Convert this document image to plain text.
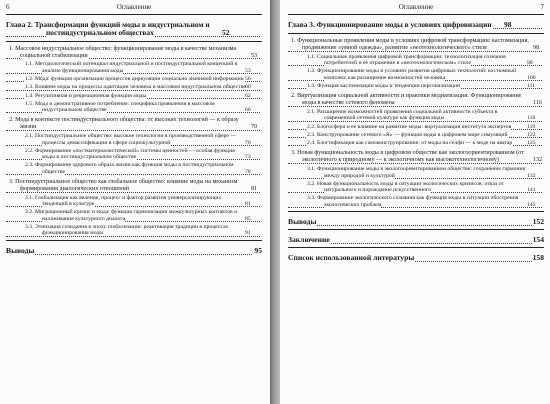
6	Оглавление
Глава 2. Трансформация функций моды в индустриальном и постиндустриальном обществах	52
1. Массовое индустриальное общество: функционирование моды в качестве механизма социальной стабилизации	53
1.1. Методологический потенциал индустриальной и постиндустриальной концепций в анализе функционирования моды	53
1.2. Мода: функция организации процессов циркуляции социально значимой информации 56
1.3. Влияние моды на процессы адаптации человека в массовом индустриальном обществе 60
1.4. Регулятивная и рекреационная функция моды	62
1.5. Мода и демонстративное потребление: специфика проявления в массовом индустриальном обществе	66
2. Мода в контексте постиндустриального общества: от высоких технологий — к образу жизни	70
2.1. Постиндустриальное общество: высокие технологии в производственной сфере — процессы демассификации в сфере социокультурной	70
2.2. Формирование «постматериалистической» системы ценностей — особая функция моды в постиндустриальном обществе	73
2.3. Формирование здорового образа жизни как функция моды в постиндустриальном обществе	78
3. Постиндустриальное общество как глобальное общество: влияние моды на механизм формирования диалогических отношений	81
3.1. Глобализация как явление, процесс и фактор развития универсализирующих тенденций в культуре	81
3.2. Миграционный кризис и мода: функция гармонизации межкультурных контактов и налаживания культурного диалога	85
3.3. Этнизация созидания в эпоху глобализации: реактивация традиции в процессах функционирования моды	91
Выводы	95
Оглавление	7
Глава 3. Функционирование моды в условиях цифровизации 98
1. Функциональные проявления моды в условиях цифровой трансформации: кастомизация, продвижение «умной одежды», развитие «неотехнологического» стиля	98
1.1. Социальные проявления цифровой трансформации: технологизация сознания потребителей и ее отражение в «неотехнологическом» стиле	98
1.2. Функционирование моды в условиях развития цифровых технологий: костюмный комплекс как расширение возможностей человека	106
1.3. Функция кастомизации моды и тенденции персонализации	111
2. Виртуализация социальной активности и практики медиатизации. Функционирование моды в качестве сетевого феномена	116
2.1. Расширение возможностей проявления социальной активности субъекта в современной сетевой культуре как функция моды	116
2.2. Блогосфера и ее влияние на развитие моды: виртуализация института экспертов	119
2.3. Конструирование сетевого «Я» — функция моды в цифровом мире симуляций	122
2.4. Блогтификация как самоконструирование: от моды на селфи — к моде на аватар	125
3. Новая функциональность моды в цифровом обществе как экологоориентированном (от экологичного к природному — к экологичному как высокотехнологичному)	132
3.1. Функционирование моды в экологоориентированном обществе: сохранение гармонии между природой и культурой	132
3.2. Новая функциональность моды в ситуации экологических кризисов: отказ от натурального и порождение искусственного	141
3.3. Формирование экологического сознания как функция моды в ситуации обострения экологических проблем	145
Выводы	152
Заключение	154
Список использованной литературы	158
